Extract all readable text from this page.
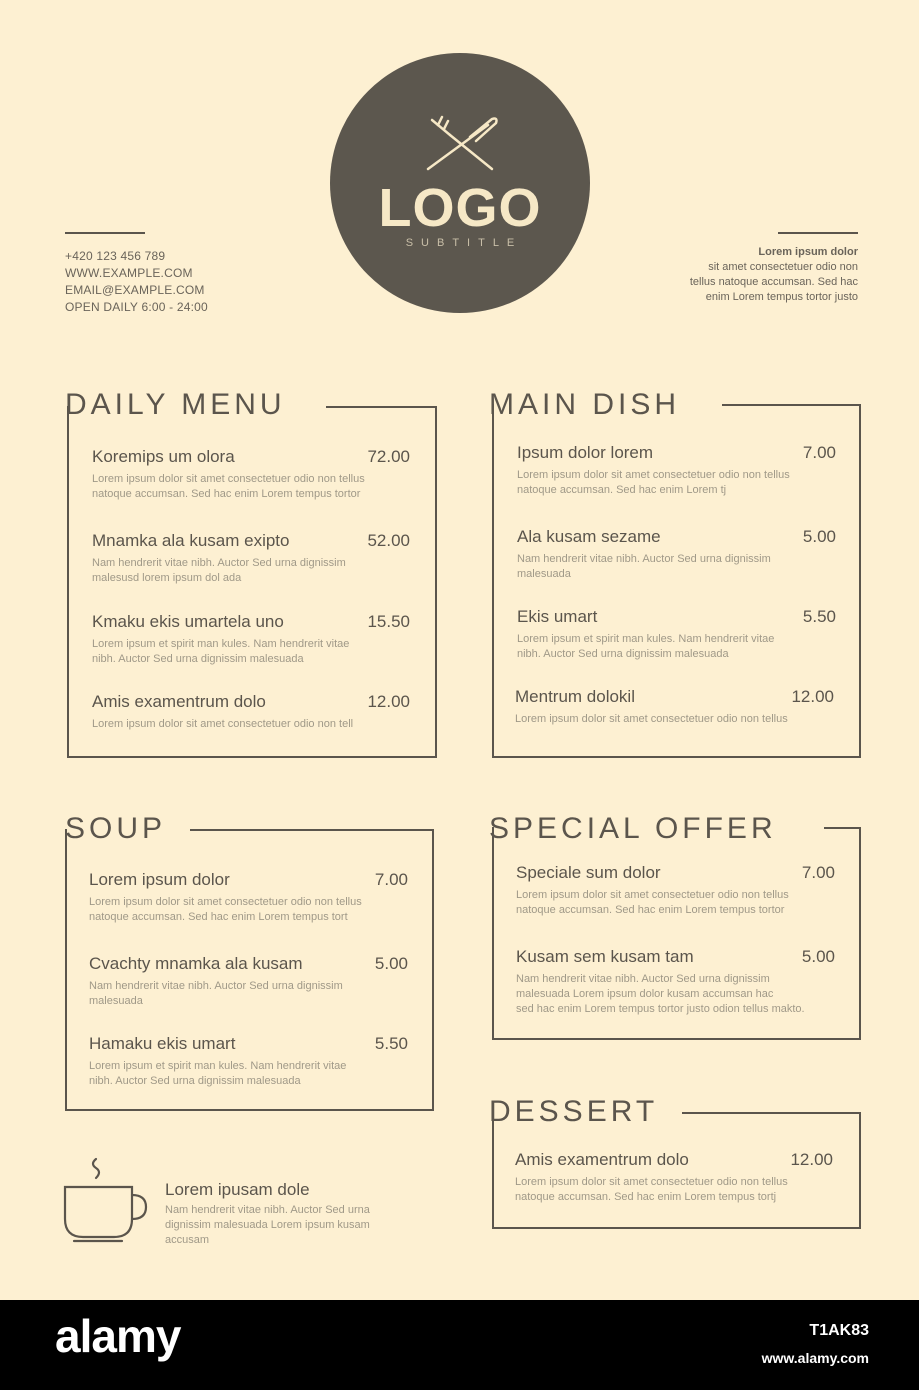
+420 123 456 789
WWW.EXAMPLE.COM
EMAIL@EXAMPLE.COM
OPEN DAILY 6:00 - 24:00
Lorem ipsum dolor
sit amet consectetuer odio non
tellus natoque accumsan. Sed hac
enim Lorem tempus tortor justo
LOGO
SUBTITLE
DAILY MENU
Koremips um olora	72.00
Lorem ipsum dolor sit amet consectetuer odio non tellus
natoque accumsan. Sed hac enim Lorem tempus tortor
Mnamka ala kusam exipto	52.00
Nam hendrerit vitae nibh. Auctor Sed urna dignissim
malesusd lorem ipsum dol ada
Kmaku ekis umartela uno	15.50
Lorem ipsum et spirit man kules. Nam hendrerit vitae
nibh. Auctor Sed urna dignissim malesuada
Amis examentrum dolo	12.00
Lorem ipsum dolor sit amet consectetuer odio non tell
MAIN DISH
Ipsum dolor lorem	7.00
Lorem ipsum dolor sit amet consectetuer odio non tellus
natoque accumsan. Sed hac enim Lorem tj
Ala kusam sezame	5.00
Nam hendrerit vitae nibh. Auctor Sed urna dignissim
malesuada
Ekis umart	5.50
Lorem ipsum et spirit man kules. Nam hendrerit vitae
nibh. Auctor Sed urna dignissim malesuada
Mentrum dolokil	12.00
Lorem ipsum dolor sit amet consectetuer odio non tellus
SOUP
Lorem ipsum dolor	7.00
Lorem ipsum dolor sit amet consectetuer odio non tellus
natoque accumsan. Sed hac enim Lorem tempus tort
Cvachty mnamka ala kusam	5.00
Nam hendrerit vitae nibh. Auctor Sed urna dignissim
malesuada
Hamaku ekis umart	5.50
Lorem ipsum et spirit man kules. Nam hendrerit vitae
nibh. Auctor Sed urna dignissim malesuada
SPECIAL OFFER
Speciale sum dolor	7.00
Lorem ipsum dolor sit amet consectetuer odio non tellus
natoque accumsan. Sed hac enim Lorem tempus tortor
Kusam sem kusam tam	5.00
Nam hendrerit vitae nibh. Auctor Sed urna dignissim
malesuada Lorem ipsum dolor kusam accumsan hac
sed hac enim Lorem tempus tortor justo odion tellus makto.
DESSERT
Amis examentrum dolo	12.00
Lorem ipsum dolor sit amet consectetuer odio non tellus
natoque accumsan. Sed hac enim Lorem tempus tortj
Lorem ipusam dole
Nam hendrerit vitae nibh. Auctor Sed urna
dignissim malesuada Lorem ipsum kusam
accusam
alamy	T1AK83
www.alamy.com
